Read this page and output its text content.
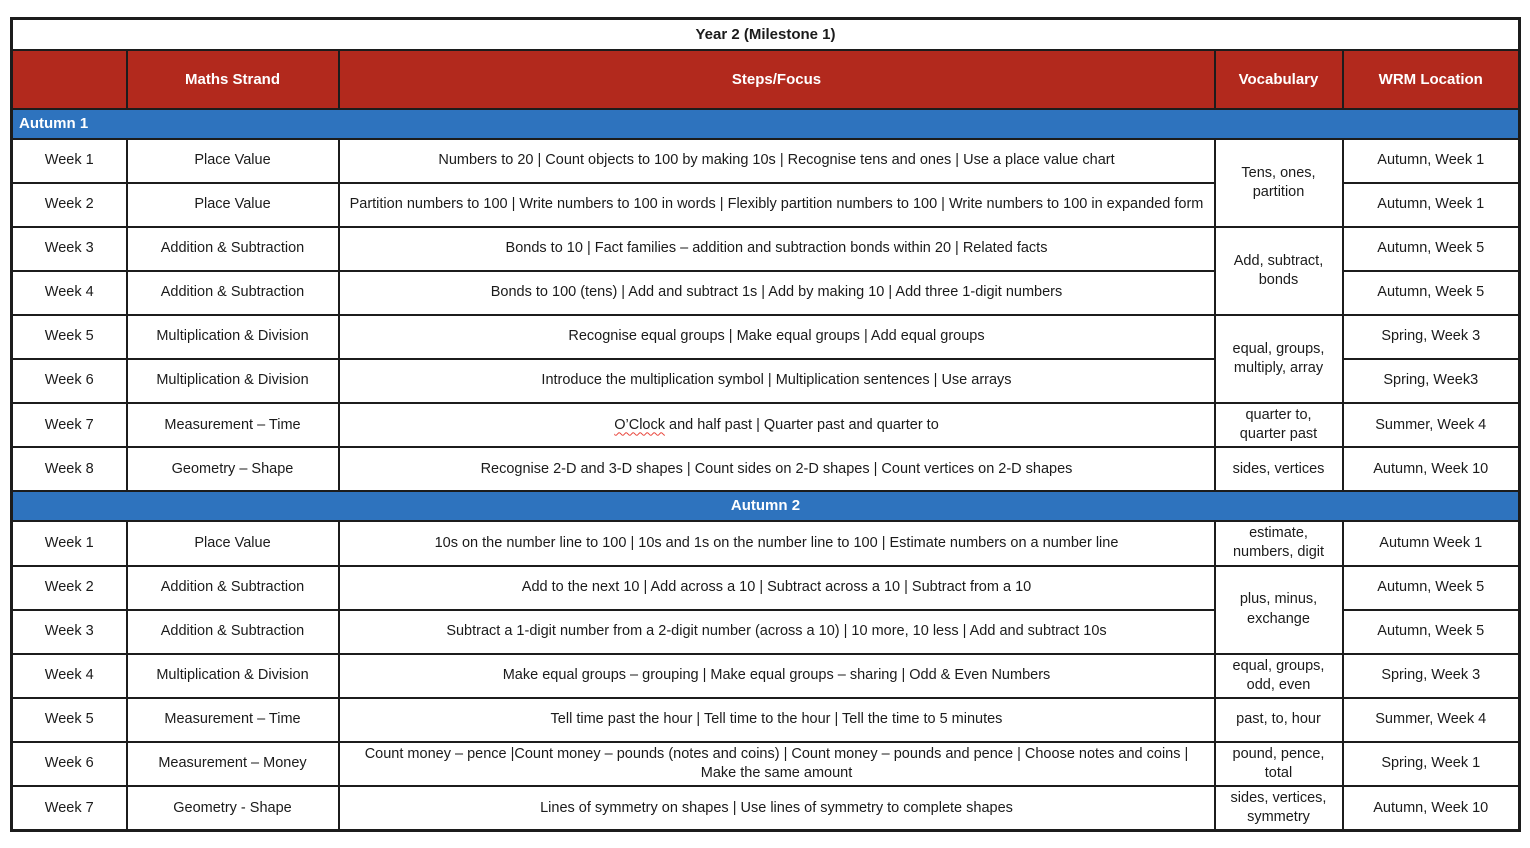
Year 2 (Milestone 1)				
	Maths Strand	Steps/Focus	Vocabulary	WRM Location
Autumn 1				
Week 1	Place Value	Numbers to 20 | Count objects to 100 by making 10s | Recognise tens and ones | Use a place value chart	Tens, ones, partition	Autumn, Week 1
Week 2	Place Value	Partition numbers to 100 | Write numbers to 100 in words | Flexibly partition numbers to 100 | Write numbers to 100 in expanded form		Autumn, Week 1
Week 3	Addition & Subtraction	Bonds to 10 | Fact families – addition and subtraction bonds within 20 | Related facts	Add, subtract, bonds	Autumn, Week 5
Week 4	Addition & Subtraction	Bonds to 100 (tens) | Add and subtract 1s | Add by making 10 | Add three 1-digit numbers		Autumn, Week 5
Week 5	Multiplication & Division	Recognise equal groups | Make equal groups | Add equal groups	equal, groups, multiply, array	Spring, Week 3
Week 6	Multiplication & Division	Introduce the multiplication symbol | Multiplication sentences | Use arrays		Spring, Week3
Week 7	Measurement – Time	O’Clock and half past | Quarter past and quarter to	quarter to, quarter past	Summer, Week 4
Week 8	Geometry – Shape	Recognise 2-D and 3-D shapes | Count sides on 2-D shapes | Count vertices on 2-D shapes	sides, vertices	Autumn, Week 10
Autumn 2				
Week 1	Place Value	10s on the number line to 100 | 10s and 1s on the number line to 100 | Estimate numbers on a number line	estimate, numbers, digit	Autumn Week 1
Week 2	Addition & Subtraction	Add to the next 10 | Add across a 10 | Subtract across a 10 | Subtract from a 10	plus, minus, exchange	Autumn, Week 5
Week 3	Addition & Subtraction	Subtract a 1-digit number from a 2-digit number (across a 10) | 10 more, 10 less | Add and subtract 10s		Autumn, Week 5
Week 4	Multiplication & Division	Make equal groups – grouping | Make equal groups – sharing | Odd & Even Numbers	equal, groups, odd, even	Spring, Week 3
Week 5	Measurement – Time	Tell time past the hour | Tell time to the hour | Tell the time to 5 minutes	past, to, hour	Summer, Week 4
Week 6	Measurement – Money	Count money – pence |Count money – pounds (notes and coins) | Count money – pounds and pence | Choose notes and coins | Make the same amount	pound, pence, total	Spring, Week 1
Week 7	Geometry - Shape	Lines of symmetry on shapes | Use lines of symmetry to complete shapes	sides, vertices, symmetry	Autumn, Week 10
